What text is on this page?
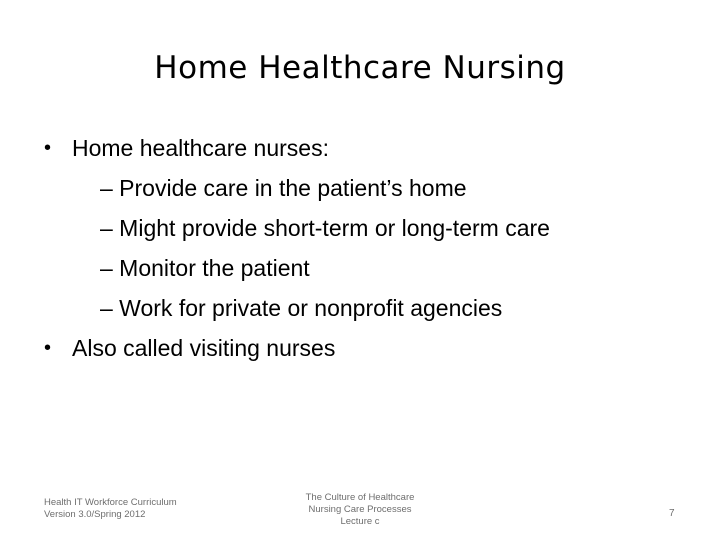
Home Healthcare Nursing
• Home healthcare nurses:
– Provide care in the patient’s home
– Might provide short-term or long-term care
– Monitor the patient
– Work for private or nonprofit agencies
• Also called visiting nurses
Health IT Workforce Curriculum
Version 3.0/Spring 2012
The Culture of Healthcare
Nursing Care Processes
Lecture c
7
